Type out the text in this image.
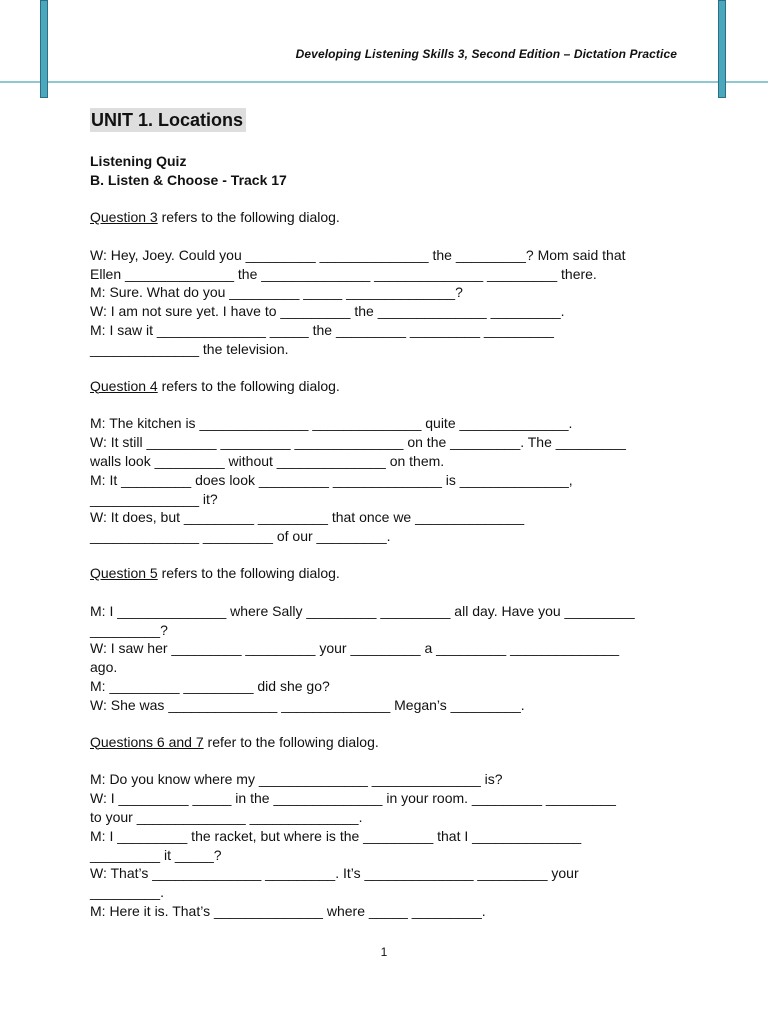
Developing Listening Skills 3, Second Edition – Dictation Practice
UNIT 1. Locations
Listening Quiz
B. Listen & Choose - Track 17
Question 3 refers to the following dialog.
W: Hey, Joey. Could you _________ ______________ the _________? Mom said that
Ellen ______________ the ______________ ______________ _________ there.
M: Sure. What do you _________ _____ ______________?
W: I am not sure yet. I have to _________ the ______________ _________.
M: I saw it ______________ _____ the _________ _________ _________
______________ the television.
Question 4 refers to the following dialog.
M: The kitchen is ______________ ______________ quite ______________.
W: It still _________ _________ ______________ on the _________. The _________
walls look _________ without ______________ on them.
M: It _________ does look _________ ______________ is ______________,
______________ it?
W: It does, but _________ _________ that once we ______________
______________ _________ of our _________.
Question 5 refers to the following dialog.
M: I ______________ where Sally _________ _________ all day. Have you _________
_________?
W: I saw her _________ _________ your _________ a _________ ______________
ago.
M: _________ _________ did she go?
W: She was ______________ ______________ Megan’s _________.
Questions 6 and 7 refer to the following dialog.
M: Do you know where my ______________ ______________ is?
W: I _________ _____ in the ______________ in your room. _________ _________
to your ______________ ______________.
M: I _________ the racket, but where is the _________ that I ______________
_________ it _____?
W: That’s ______________ _________. It’s ______________ _________ your
_________.
M: Here it is. That’s ______________ where _____ _________.
1
